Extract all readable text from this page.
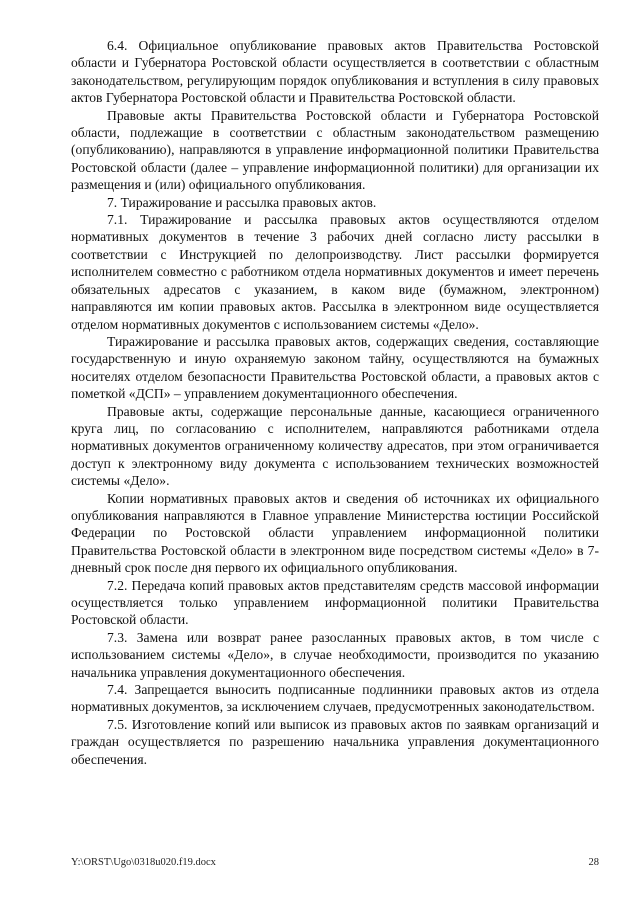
6.4. Официальное опубликование правовых актов Правительства Ростовской области и Губернатора Ростовской области осуществляется в соответствии с областным законодательством, регулирующим порядок опубликования и вступления в силу правовых актов Губернатора Ростовской области и Правительства Ростовской области.

Правовые акты Правительства Ростовской области и Губернатора Ростовской области, подлежащие в соответствии с областным законодательством размещению (опубликованию), направляются в управление информационной политики Правительства Ростовской области (далее – управление информационной политики) для организации их размещения и (или) официального опубликования.

7. Тиражирование и рассылка правовых актов.

7.1. Тиражирование и рассылка правовых актов осуществляются отделом нормативных документов в течение 3 рабочих дней согласно листу рассылки в соответствии с Инструкцией по делопроизводству. Лист рассылки формируется исполнителем совместно с работником отдела нормативных документов и имеет перечень обязательных адресатов с указанием, в каком виде (бумажном, электронном) направляются им копии правовых актов. Рассылка в электронном виде осуществляется отделом нормативных документов с использованием системы «Дело».

Тиражирование и рассылка правовых актов, содержащих сведения, составляющие государственную и иную охраняемую законом тайну, осуществляются на бумажных носителях отделом безопасности Правительства Ростовской области, а правовых актов с пометкой «ДСП» – управлением документационного обеспечения.

Правовые акты, содержащие персональные данные, касающиеся ограниченного круга лиц, по согласованию с исполнителем, направляются работниками отдела нормативных документов ограниченному количеству адресатов, при этом ограничивается доступ к электронному виду документа с использованием технических возможностей системы «Дело».

Копии нормативных правовых актов и сведения об источниках их официального опубликования направляются в Главное управление Министерства юстиции Российской Федерации по Ростовской области управлением информационной политики Правительства Ростовской области в электронном виде посредством системы «Дело» в 7-дневный срок после дня первого их официального опубликования.

7.2. Передача копий правовых актов представителям средств массовой информации осуществляется только управлением информационной политики Правительства Ростовской области.

7.3. Замена или возврат ранее разосланных правовых актов, в том числе с использованием системы «Дело», в случае необходимости, производится по указанию начальника управления документационного обеспечения.

7.4. Запрещается выносить подписанные подлинники правовых актов из отдела нормативных документов, за исключением случаев, предусмотренных законодательством.

7.5. Изготовление копий или выписок из правовых актов по заявкам организаций и граждан осуществляется по разрешению начальника управления документационного обеспечения.

Y:\ORST\Ugo\0318u020.f19.docx	28
